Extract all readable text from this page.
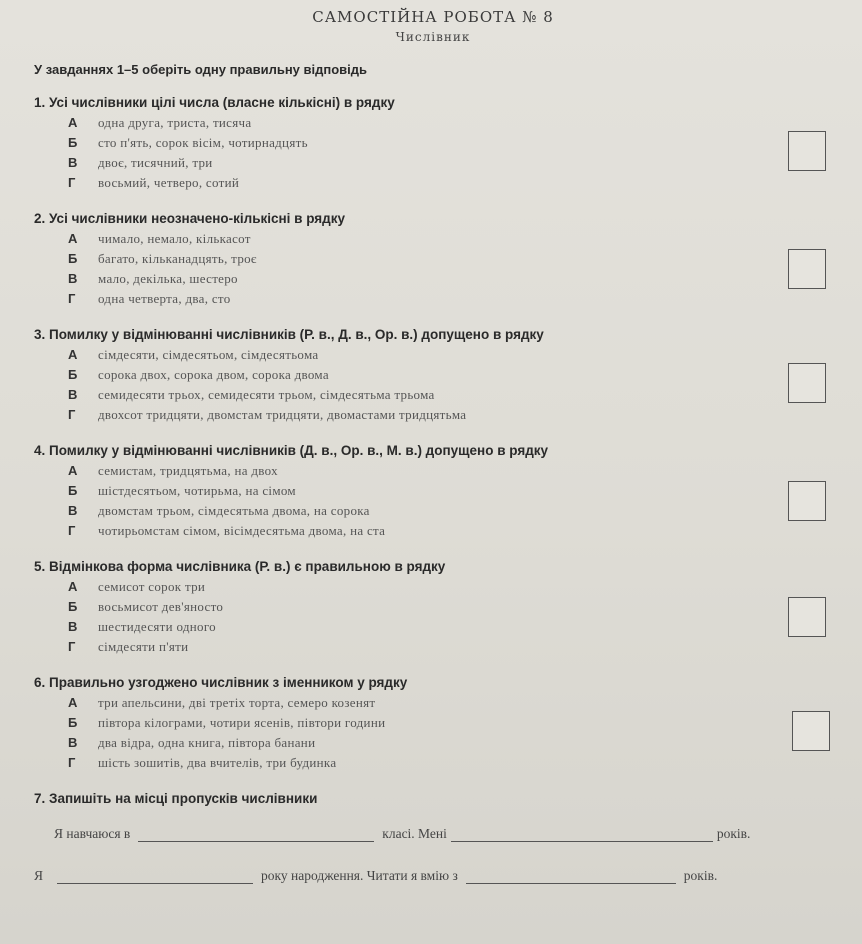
САМОСТІЙНА РОБОТА № 8
Числівник
У завданнях 1–5 оберіть одну правильну відповідь
1. Усі числівники цілі числа (власне кількісні) в рядку
А	одна друга, триста, тисяча
Б	сто п'ять, сорок вісім, чотирнадцять
В	двоє, тисячний, три
Г	восьмий, четверо, сотий
2. Усі числівники неозначено-кількісні в рядку
А	чимало, немало, кількасот
Б	багато, кільканадцять, троє
В	мало, декілька, шестеро
Г	одна четверта, два, сто
3. Помилку у відмінюванні числівників (Р. в., Д. в., Ор. в.) допущено в рядку
А	сімдесяти, сімдесятьом, сімдесятьома
Б	сорока двох, сорока двом, сорока двома
В	семидесяти трьох, семидесяти трьом, сімдесятьма трьома
Г	двохсот тридцяти, двомстам тридцяти, двомастами тридцятьма
4. Помилку у відмінюванні числівників (Д. в., Ор. в., М. в.) допущено в рядку
А	семистам, тридцятьма, на двох
Б	шістдесятьом, чотирьма, на сімом
В	двомстам трьом, сімдесятьма двома, на сорока
Г	чотирьомстам сімом, вісімдесятьма двома, на ста
5. Відмінкова форма числівника (Р. в.) є правильною в рядку
А	семисот сорок три
Б	восьмисот дев'яносто
В	шестидесяти одного
Г	сімдесяти п'яти
6. Правильно узгоджено числівник з іменником у рядку
А	три апельсини, дві третіх торта, семеро козенят
Б	півтора кілограми, чотири ясенів, півтори години
В	два відра, одна книга, півтора банани
Г	шість зошитів, два вчителів, три будинка
7. Запишіть на місці пропусків числівники
Я навчаюся в	класі. Мені	років.
Я	року народження. Читати я вмію з	років.
